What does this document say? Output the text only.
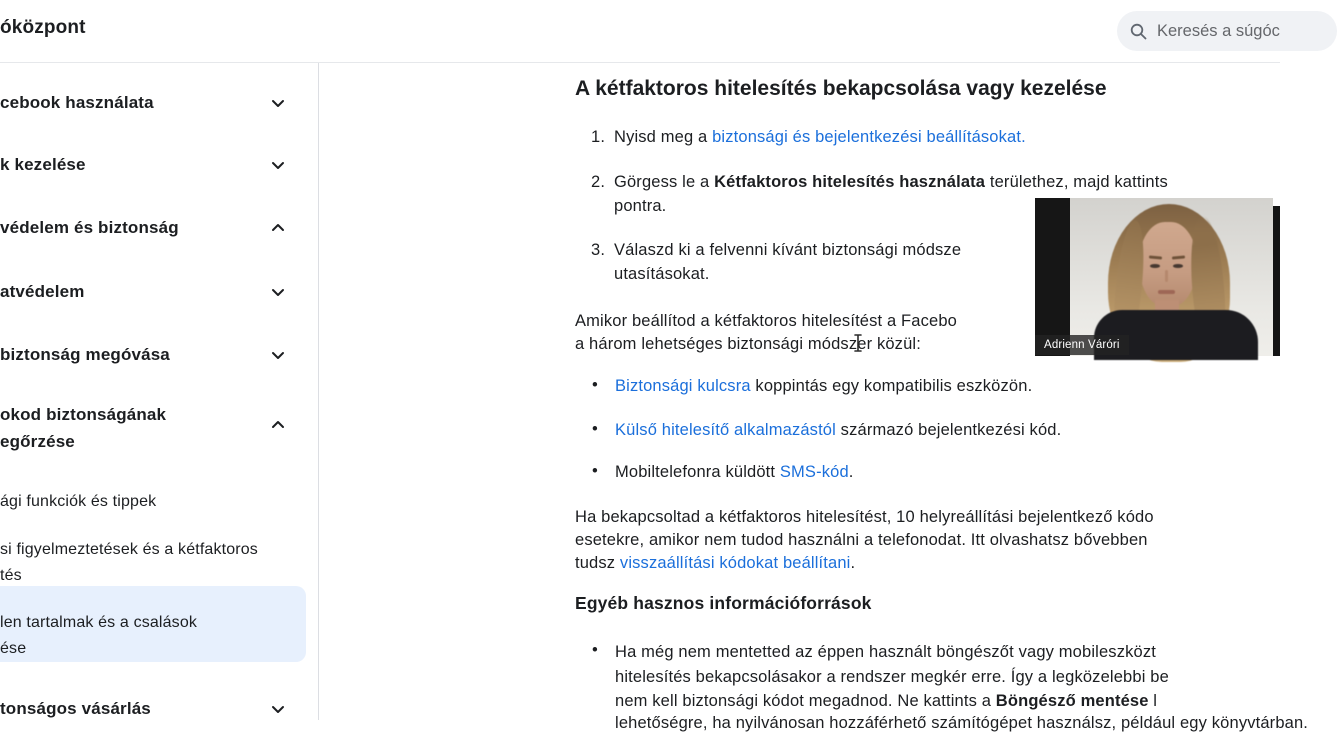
óközpont
Keresés a súgóc
cebook használata
k kezelése
védelem és biztonság
atvédelem
biztonság megóvása
okod biztonságának
egőrzése
ági funkciók és tippek
si figyelmeztetések és a kétfaktoros
tés
len tartalmak és a csalások
ése
tonságos vásárlás
A kétfaktoros hitelesítés bekapcsolása vagy kezelése
1. Nyisd meg a biztonsági és bejelentkezési beállításokat.
2. Görgess le a Kétfaktoros hitelesítés használata területhez, majd kattints
pontra.
3. Válaszd ki a felvenni kívánt biztonsági módsze
utasításokat.
Amikor beállítod a kétfaktoros hitelesítést a Facebo
a három lehetséges biztonsági módszer közül:
• Biztonsági kulcsra koppintás egy kompatibilis eszközön.
• Külső hitelesítő alkalmazástól származó bejelentkezési kód.
• Mobiltelefonra küldött SMS-kód.
Ha bekapcsoltad a kétfaktoros hitelesítést, 10 helyreállítási bejelentkező kódo
esetekre, amikor nem tudod használni a telefonodat. Itt olvashatsz bővebben
tudsz visszaállítási kódokat beállítani.
Egyéb hasznos információforrások
• Ha még nem mentetted az éppen használt böngészőt vagy mobileszközt
hitelesítés bekapcsolásakor a rendszer megkér erre. Így a legközelebbi be
nem kell biztonsági kódot megadnod. Ne kattints a Böngésző mentése l
lehetőségre, ha nyilvánosan hozzáférhető számítógépet használsz, például egy könyvtárban.
Adrienn Váróri
